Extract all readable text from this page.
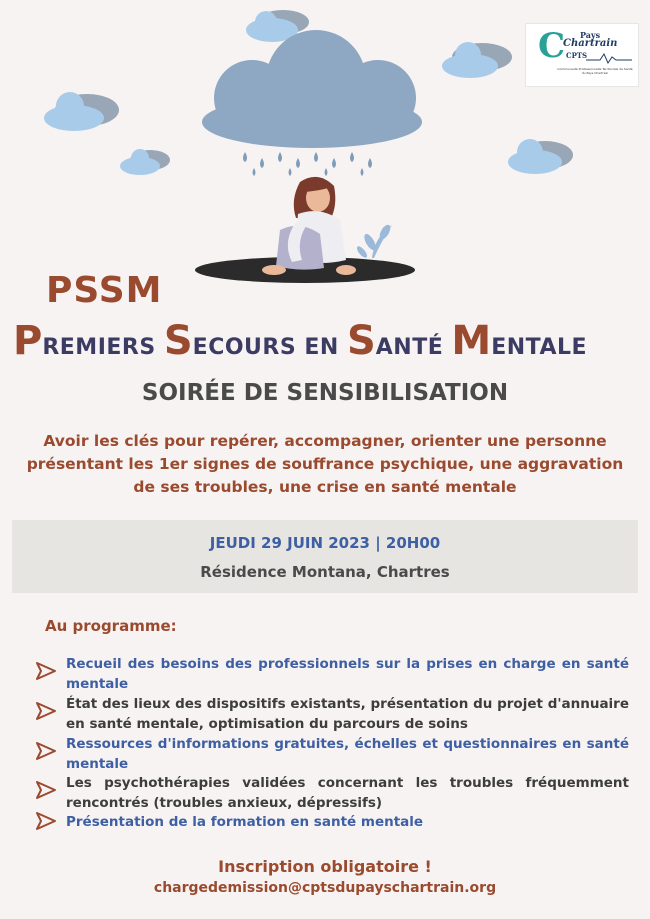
C Pays
Chartrain
CPTS
Communauté Professionnelle Territoriale de Santé du Pays Chartrain
PSSM
PREMIERS SECOURS EN SANTÉ MENTALE
SOIRÉE DE SENSIBILISATION
Avoir les clés pour repérer, accompagner, orienter une personne présentant les 1er signes de souffrance psychique, une aggravation de ses troubles, une crise en santé mentale
JEUDI 29 JUIN 2023 | 20H00
Résidence Montana, Chartres
Au programme:
Recueil des besoins des professionnels sur la prises en charge en santé mentale
État des lieux des dispositifs existants, présentation du projet d'annuaire en santé mentale, optimisation du parcours de soins
Ressources d'informations gratuites, échelles et questionnaires en santé mentale
Les psychothérapies validées concernant les troubles fréquemment rencontrés (troubles anxieux, dépressifs)
Présentation de la formation en santé mentale
Inscription obligatoire !
chargedemission@cptsdupayschartrain.org
